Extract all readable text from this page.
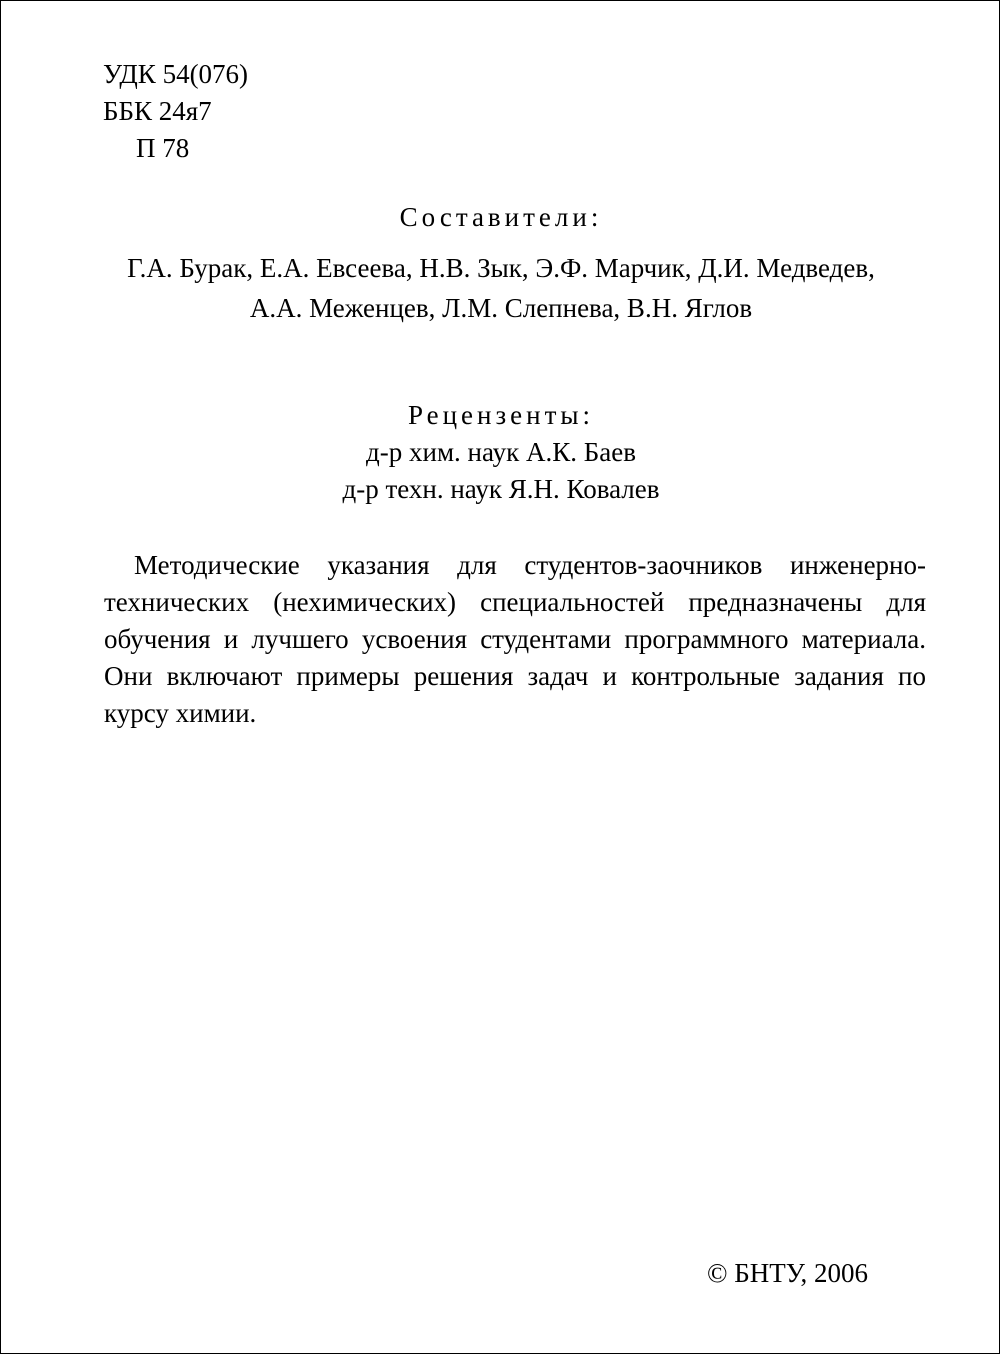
УДК 54(076)
ББК 24я7
П 78
Составители:
Г.А. Бурак, Е.А. Евсеева, Н.В. Зык, Э.Ф. Марчик, Д.И. Медведев,
А.А. Меженцев, Л.М. Слепнева, В.Н. Яглов
Рецензенты:
д-р хим. наук А.К. Баев
д-р техн. наук Я.Н. Ковалев

Методические указания для студентов-заочников инженерно-технических (нехимических) специальностей предназначены для обучения и лучшего усвоения студентами программного материала. Они включают примеры решения задач и контрольные задания по курсу химии.

© БНТУ, 2006
